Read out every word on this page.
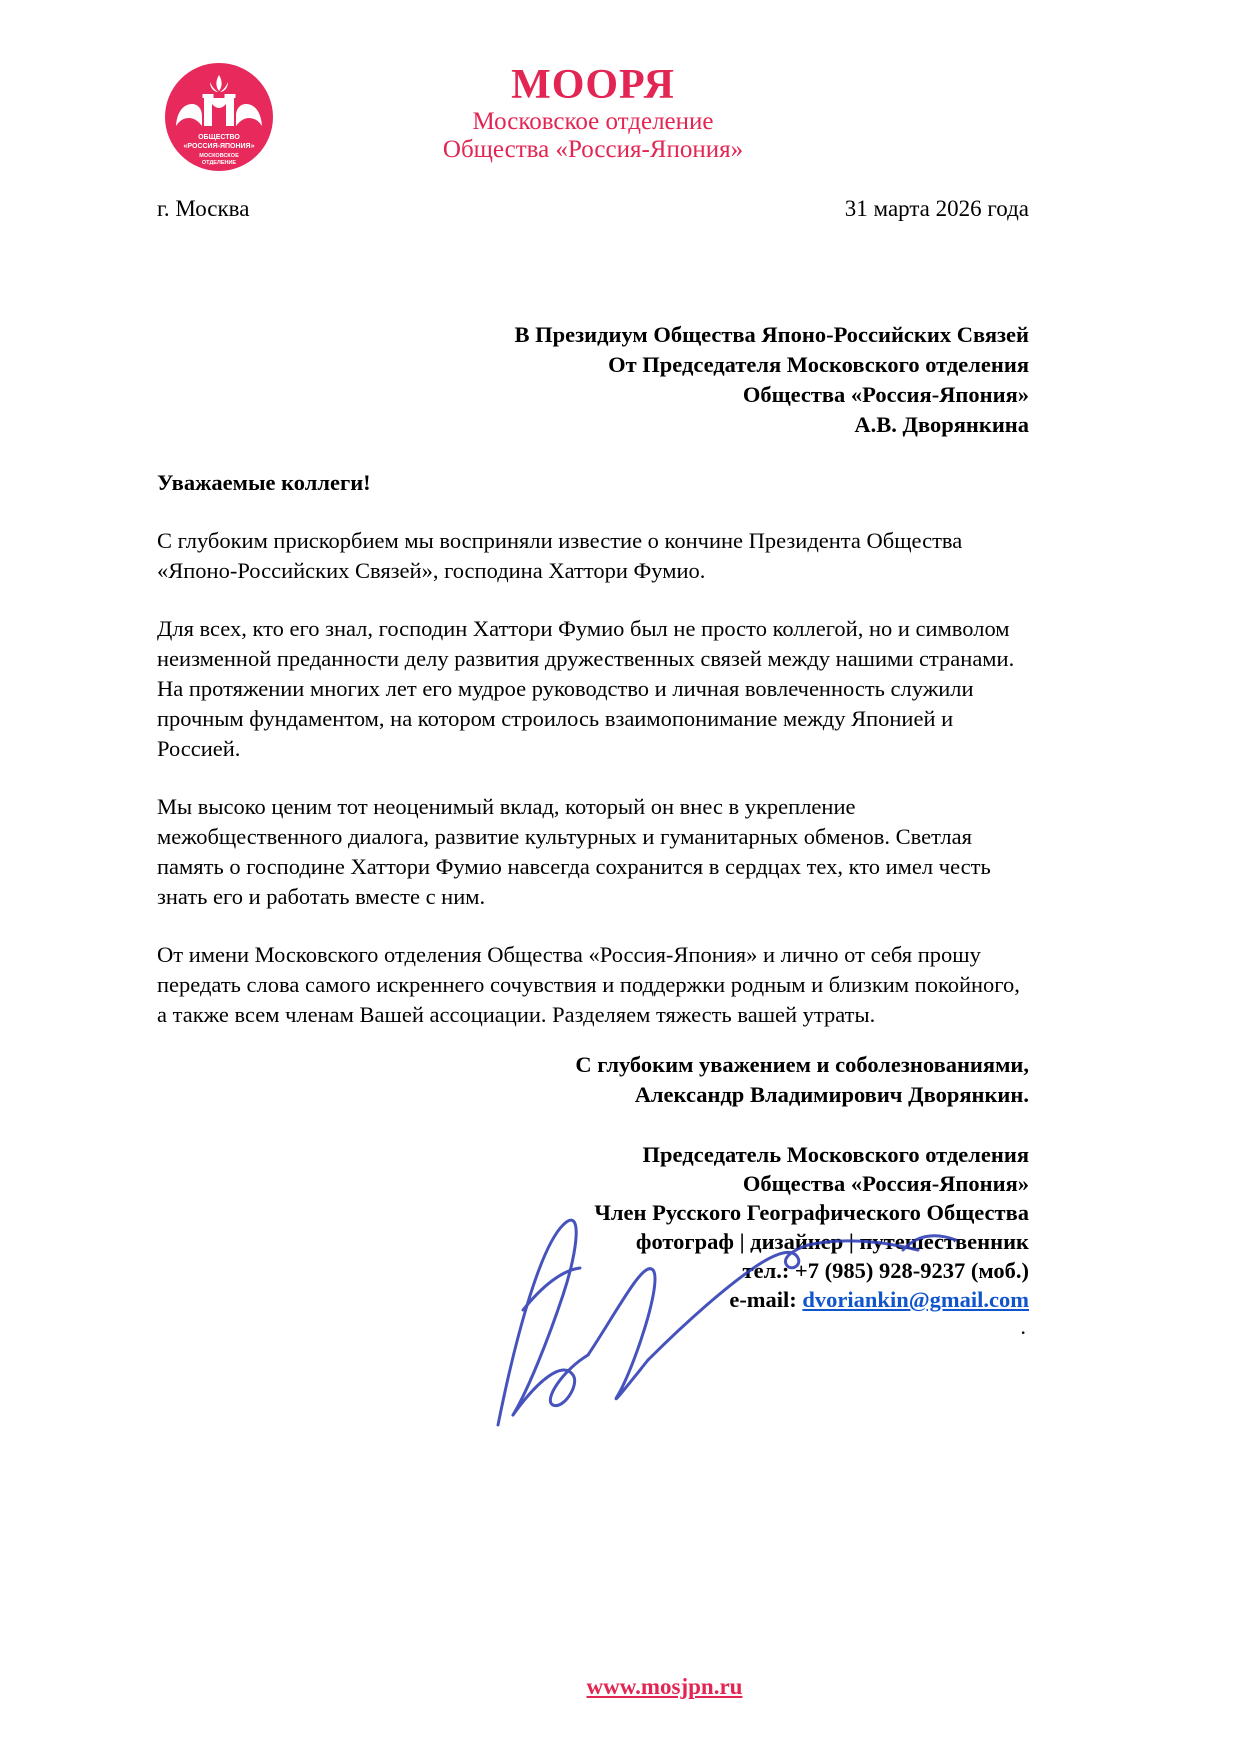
ОБЩЕСТВО
«РОССИЯ-ЯПОНИЯ»
МОСКОВСКОЕ
ОТДЕЛЕНИЕ
МООРЯ
Московское отделение
Общества «Россия-Япония»
г. Москва	31 марта 2026 года
В Президиум Общества Японо-Российских Связей
От Председателя Московского отделения
Общества «Россия-Япония»
А.В. Дворянкина
Уважаемые коллеги!

С глубоким прискорбием мы восприняли известие о кончине Президента Общества «Японо-Российских Связей», господина Хаттори Фумио.

Для всех, кто его знал, господин Хаттори Фумио был не просто коллегой, но и символом неизменной преданности делу развития дружественных связей между нашими странами. На протяжении многих лет его мудрое руководство и личная вовлеченность служили прочным фундаментом, на котором строилось взаимопонимание между Японией и Россией.

Мы высоко ценим тот неоценимый вклад, который он внес в укрепление межобщественного диалога, развитие культурных и гуманитарных обменов. Светлая память о господине Хаттори Фумио навсегда сохранится в сердцах тех, кто имел честь знать его и работать вместе с ним.

От имени Московского отделения Общества «Россия-Япония» и лично от себя прошу передать слова самого искреннего сочувствия и поддержки родным и близким покойного, а также всем членам Вашей ассоциации. Разделяем тяжесть вашей утраты.

С глубоким уважением и соболезнованиями,
Александр Владимирович Дворянкин.
Председатель Московского отделения
Общества «Россия-Япония»
Член Русского Географического Общества
фотограф | дизайнер | путешественник
тел.: +7 (985) 928-9237 (моб.)
e-mail: dvoriankin@gmail.com
.
www.mosjpn.ru
